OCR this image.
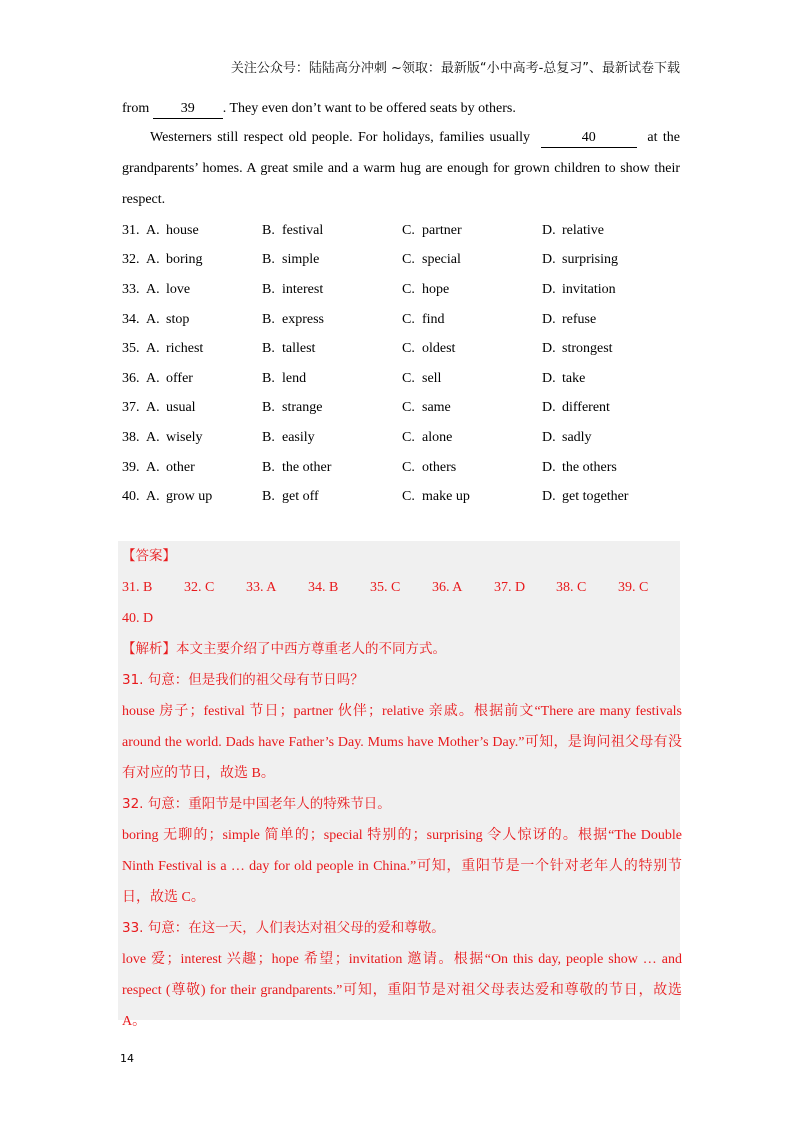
关注公众号：陆陆高分冲刺 ~领取：最新版“小中高考-总复习”、最新试卷下载
from 39 . They even don’t want to be offered seats by others.
Westerners still respect old people. For holidays, families usually	40	at the grandparents’ homes. A great smile and a warm hug are enough for grown children to show their respect.
31. A. house	B. festival	C. partner	D. relative
32. A. boring	B. simple	C. special	D. surprising
33. A. love	B. interest	C. hope	D. invitation
34. A. stop	B. express	C. find	D. refuse
35. A. richest	B. tallest	C. oldest	D. strongest
36. A. offer	B. lend	C. sell	D. take
37. A. usual	B. strange	C. same	D. different
38. A. wisely	B. easily	C. alone	D. sadly
39. A. other	B. the other	C. others	D. the others
40. A. grow up	B. get off	C. make up	D. get together

【答案】

31. B 32. C 33. A 34. B 35. C 36. A 37. D 38. C 39. C

40. D

【解析】本文主要介绍了中西方尊重老人的不同方式。

31. 句意：但是我们的祖父母有节日吗？

house 房子；festival 节日；partner 伙伴；relative 亲戚。根据前文“There are many festivals around the world. Dads have Father’s Day. Mums have Mother’s Day.”可知，是询问祖父母有没有对应的节日，故选 B。

32. 句意：重阳节是中国老年人的特殊节日。

boring 无聊的；simple 简单的；special 特别的；surprising 令人惊讶的。根据“The Double Ninth Festival is a … day for old people in China.”可知，重阳节是一个针对老年人的特别节日，故选 C。

33. 句意：在这一天，人们表达对祖父母的爱和尊敬。

love 爱；interest 兴趣；hope 希望；invitation 邀请。根据“On this day, people show … and respect (尊敬) for their grandparents.”可知，重阳节是对祖父母表达爱和尊敬的节日，故选 A。

14
